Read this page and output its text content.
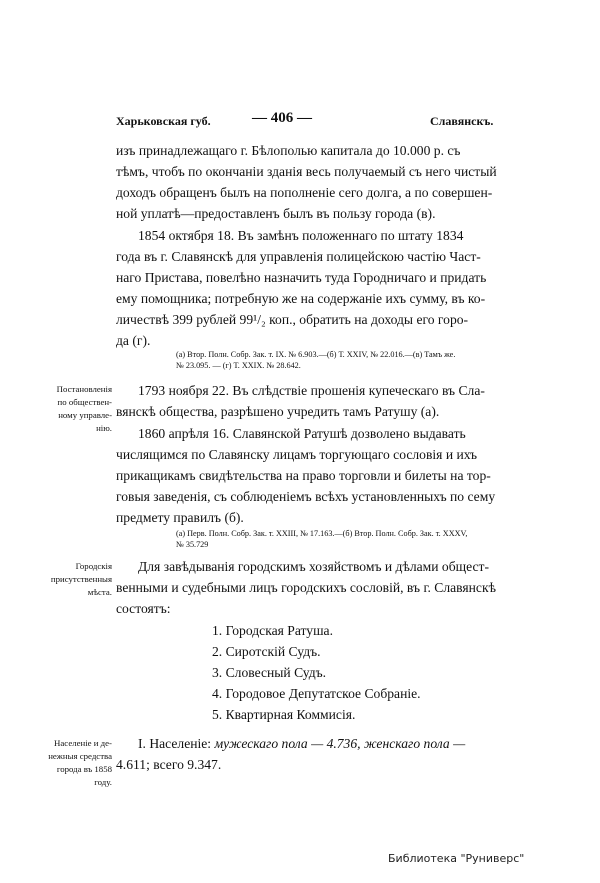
Харьковская губ.	— 406 —	Славянскъ.
изъ принадлежащаго г. Бѣлополью капитала до 10.000 р. съ
тѣмъ, чтобъ по окончаніи зданія весь получаемый съ него чистый
доходъ обращенъ былъ на пополненіе сего долга, а по совершен-
ной уплатѣ—предоставленъ былъ въ пользу города (в).
1854 октября 18. Въ замѣнъ положеннаго по штату 1834
года въ г. Славянскѣ для управленія полицейскою частію Част-
наго Пристава, повелѣно назначить туда Городничаго и придать
ему помощника; потребную же на содержаніе ихъ сумму, въ ко-
личествѣ 399 рублей 99¹/₂ коп., обратить на доходы его горо-
да (г).
(а) Втор. Полн. Собр. Зак. т. IX. № 6.903.—(б) Т. XXIV, № 22.016.—(в) Тамъ же.
№ 23.095. — (г) Т. XXIX. № 28.642.
Постановленія
по обществен-
ному управле-
нію.
1793 ноября 22. Въ слѣдствіе прошенія купеческаго въ Сла-
вянскѣ общества, разрѣшено учредить тамъ Ратушу (а).
1860 апрѣля 16. Славянской Ратушѣ дозволено выдавать
числящимся по Славянску лицамъ торгующаго сословія и ихъ
прикащикамъ свидѣтельства на право торговли и билеты на тор-
говыя заведенія, съ соблюденіемъ всѣхъ установленныхъ по сему
предмету правилъ (б).
(а) Перв. Полн. Собр. Зак. т. XXIII, № 17.163.—(б) Втор. Полн. Собр. Зак. т. XXXV,
№ 35.729
Городскія
присутственныя
мѣста.
Для завѣдыванія городскимъ хозяйствомъ и дѣлами общест-
венными и судебными лицъ городскихъ сословій, въ г. Славянскѣ
состоятъ:
1. Городская Ратуша.
2. Сиротскій Судъ.
3. Словесный Судъ.
4. Городовое Депутатское Собраніе.
5. Квартирная Коммисія.
Населеніе и де-
нежныя средства
города въ 1858
году.
I. Населеніе: мужескаго пола — 4.736, женскаго пола —
4.611; всего 9.347.
Библиотека "Руниверс"
